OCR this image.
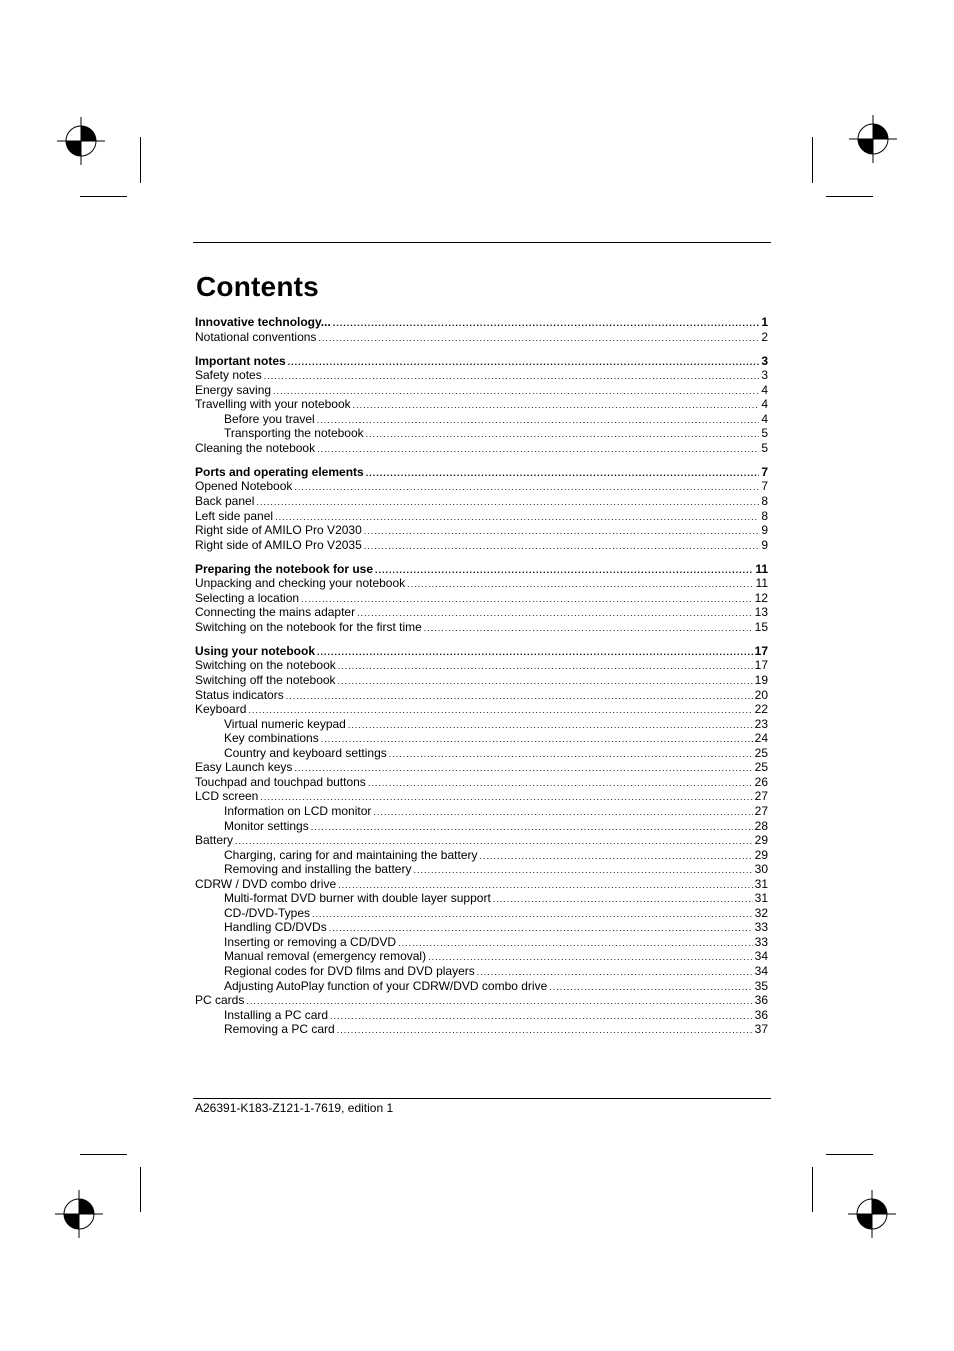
Contents
Innovative technology... .....	1
Notational conventions .....	2
Important notes .....	3
Safety notes .....	3
Energy saving .....	4
Travelling with your notebook .....	4
Before you travel .....	4
Transporting the notebook .....	5
Cleaning the notebook .....	5
Ports and operating elements .....	7
Opened Notebook .....	7
Back panel .....	8
Left side panel .....	8
Right side of AMILO Pro V2030 .....	9
Right side of AMILO Pro V2035 .....	9
Preparing the notebook for use .....	11
Unpacking and checking your notebook .....	11
Selecting a location .....	12
Connecting the mains adapter .....	13
Switching on the notebook for the first time .....	15
Using your notebook .....	17
Switching on the notebook .....	17
Switching off the notebook .....	19
Status indicators .....	20
Keyboard .....	22
Virtual numeric keypad .....	23
Key combinations .....	24
Country and keyboard settings .....	25
Easy Launch keys .....	25
Touchpad and touchpad buttons .....	26
LCD screen .....	27
Information on LCD monitor .....	27
Monitor settings .....	28
Battery .....	29
Charging, caring for and maintaining the battery .....	29
Removing and installing the battery .....	30
CDRW / DVD combo drive .....	31
Multi-format DVD burner with double layer support .....	31
CD-/DVD-Types .....	32
Handling CD/DVDs .....	33
Inserting or removing a CD/DVD .....	33
Manual removal (emergency removal) .....	34
Regional codes for DVD films and DVD players .....	34
Adjusting AutoPlay function of your CDRW/DVD combo drive .....	35
PC cards .....	36
Installing a PC card .....	36
Removing a PC card .....	37
A26391-K183-Z121-1-7619, edition 1
